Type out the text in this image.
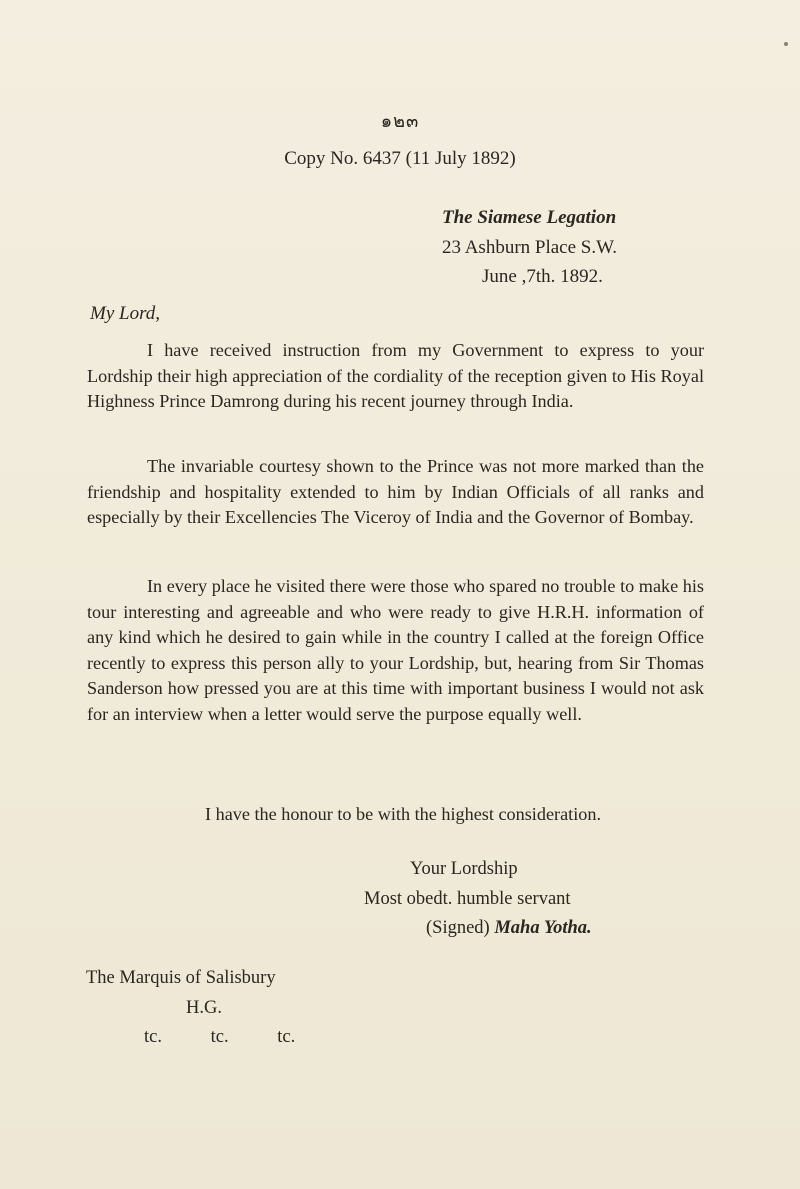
๑๒๓
Copy No. 6437 (11 July 1892)
The Siamese Legation
23 Ashburn Place S.W.
June ,7th. 1892.
My Lord,

I have received instruction from my Government to express to your Lordship their high appreciation of the cordiality of the reception given to His Royal Highness Prince Damrong during his recent journey through India.

The invariable courtesy shown to the Prince was not more marked than the friendship and hospitality extended to him by Indian Officials of all ranks and especially by their Excellencies The Viceroy of India and the Governor of Bombay.

In every place he visited there were those who spared no trouble to make his tour interesting and agreeable and who were ready to give H.R.H. information of any kind which he desired to gain while in the country I called at the foreign Office recently to express this person ally to your Lordship, but, hearing from Sir Thomas Sanderson how pressed you are at this time with important business I would not ask for an interview when a letter would serve the purpose equally well.

I have the honour to be with the highest consideration.
Your Lordship
Most obedt. humble servant
(Signed) Maha Yotha.
The Marquis of Salisbury
H.G.
tc.	tc.	tc.
